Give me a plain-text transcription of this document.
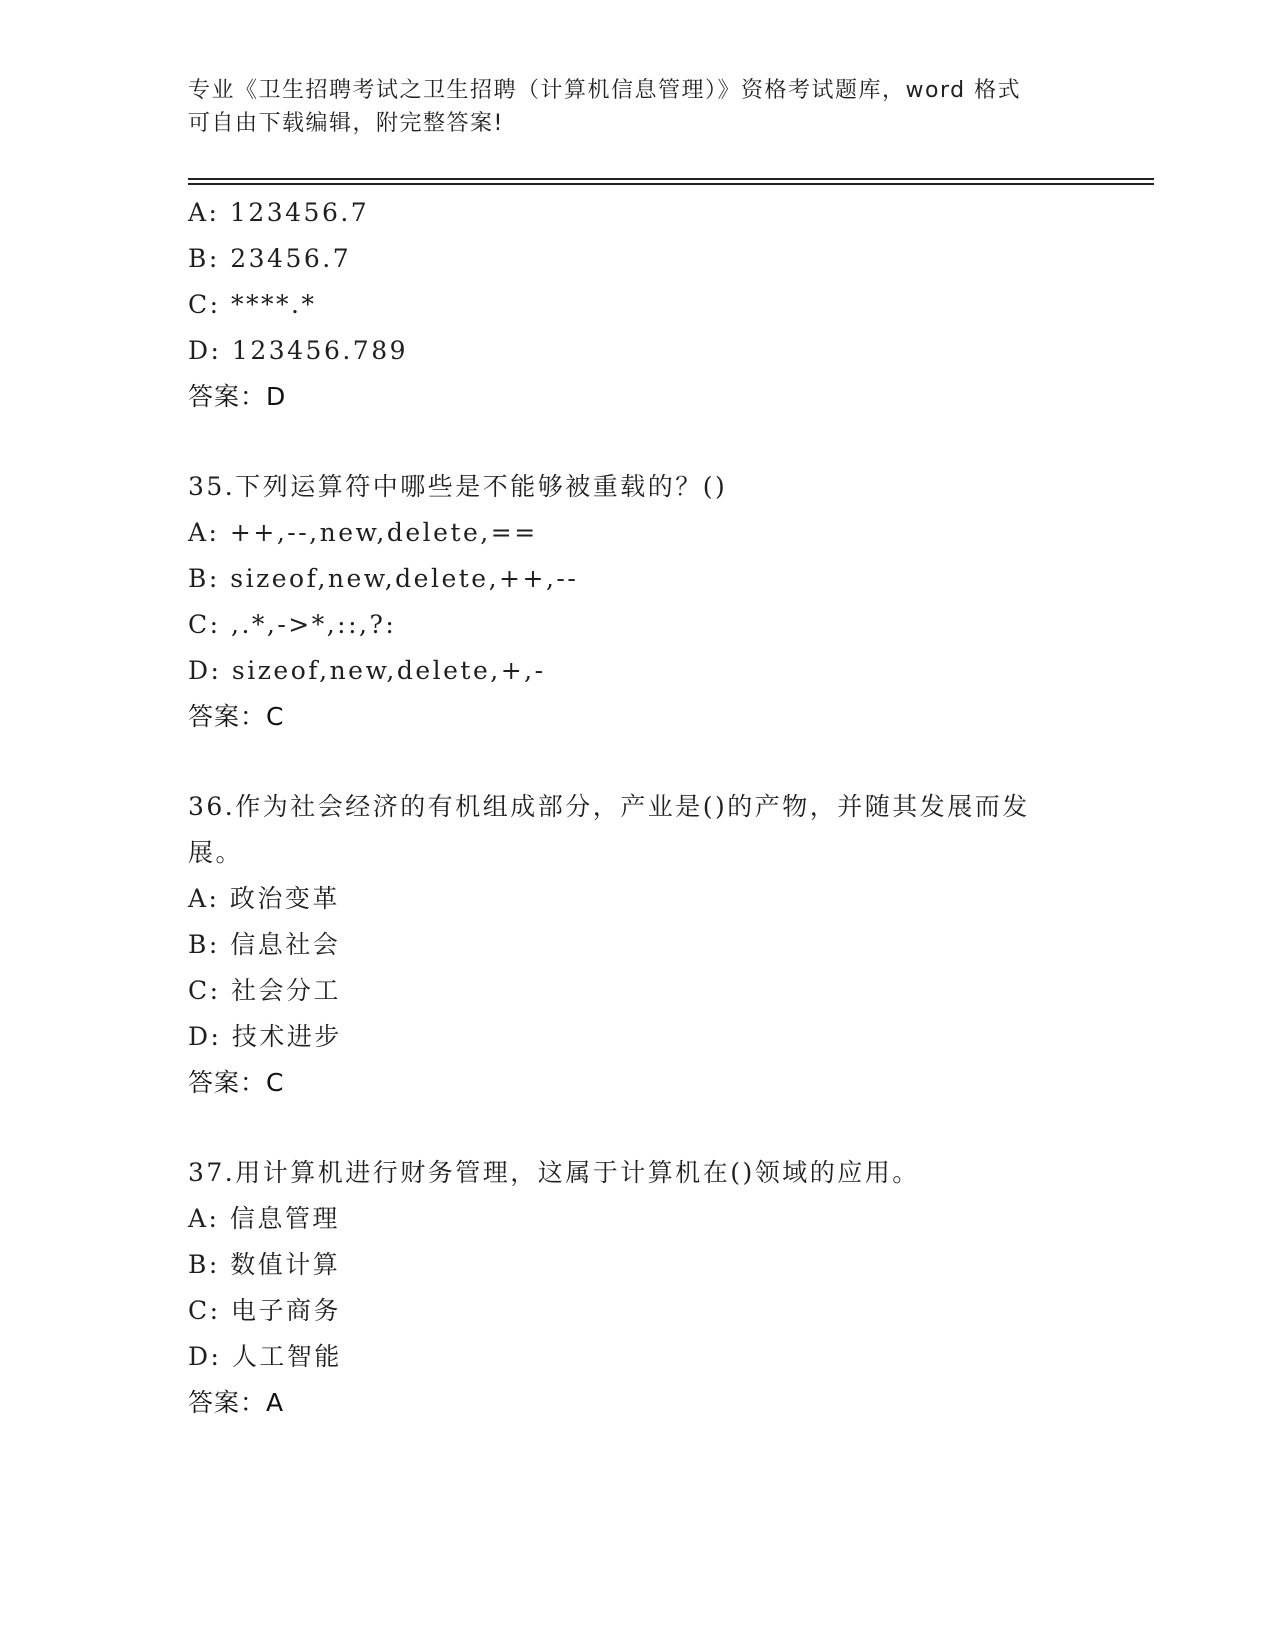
专业《卫生招聘考试之卫生招聘（计算机信息管理）》资格考试题库，word 格式
可自由下载编辑，附完整答案!
A: 123456.7
B: 23456.7
C: ****.*
D: 123456.789
答案：D
35.下列运算符中哪些是不能够被重载的？()
A: ++,--,new,delete,==
B: sizeof,new,delete,++,--
C: ,.*,->*,::,?:
D: sizeof,new,delete,+,-
答案：C
36.作为社会经济的有机组成部分，产业是()的产物，并随其发展而发展。
A: 政治变革
B: 信息社会
C: 社会分工
D: 技术进步
答案：C
37.用计算机进行财务管理，这属于计算机在()领域的应用。
A: 信息管理
B: 数值计算
C: 电子商务
D: 人工智能
答案：A
